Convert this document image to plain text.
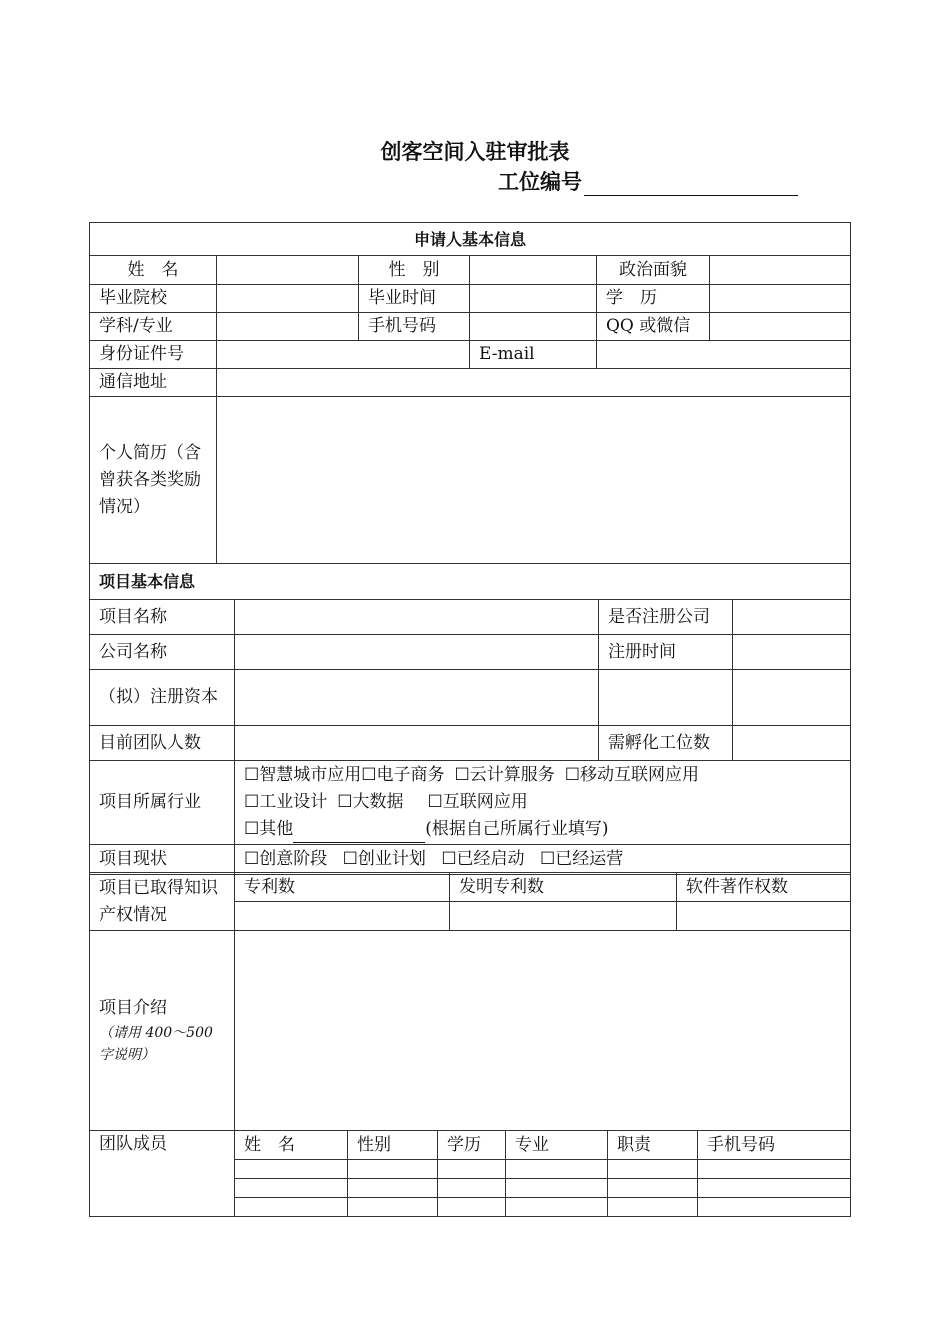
创客空间入驻审批表
工位编号
申请人基本信息					
姓　名		性　别		政治面貌	
毕业院校		毕业时间		学　历	
学科/专业		手机号码		QQ 或微信	
身份证件号			E-mail		
通信地址					
个人简历（含曾获各类奖励情况）					
项目基本信息			
项目名称		是否注册公司	
公司名称		注册时间	
（拟）注册资本			
目前团队人数		需孵化工位数	
项目所属行业	☐智慧城市应用☐电子商务 ☐云计算服务 ☐移动互联网应用
☐工业设计 ☐大数据 ☐互联网应用
☐其他 (根据自己所属行业填写)		

项目现状	☐创意阶段 ☐创业计划 ☐已经启动 ☐已经运营		
项目已取得知识产权情况	专利数	发明专利数	软件著作权数

项目介绍
（请用 400～500 字说明）

团队成员	姓　名	性别	学历	专业	职责	手机号码
